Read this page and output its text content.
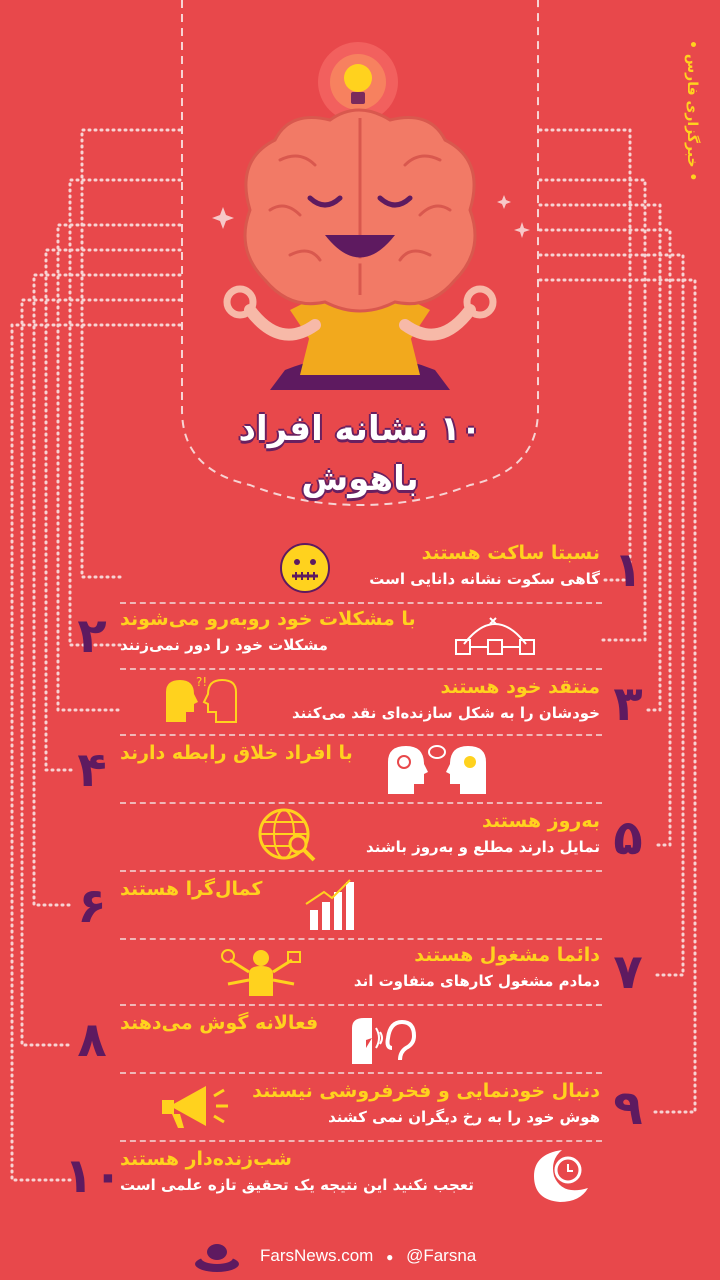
• خبرگزاری فارس •
۱۰ نشانه افراد باهوش
۱
نسبتا ساکت هستند
گاهی سکوت نشانه دانایی است
۲ با مشکلات خود روبه‌رو می‌شوند
مشکلات خود را دور نمی‌زنند
۳
منتقد خود هستند
خودشان را به شکل سازنده‌ای نقد می‌کنند
?!
۴ با افراد خلاق رابطه دارند
۵
به‌روز هستند
تمایل دارند مطلع و به‌روز باشند
۶ کمال‌گرا هستند
۷
دائما مشغول هستند
دمادم مشغول کارهای متفاوت اند
۸ فعالانه گوش می‌دهند
۹
دنبال خودنمایی و فخرفروشی نیستند
هوش خود را به رخ دیگران نمی کشند
۱۰
شب‌زنده‌دار هستند
تعجب نکنید این نتیجه یک تحقیق تازه علمی است
FarsNews.com ● @Farsna
